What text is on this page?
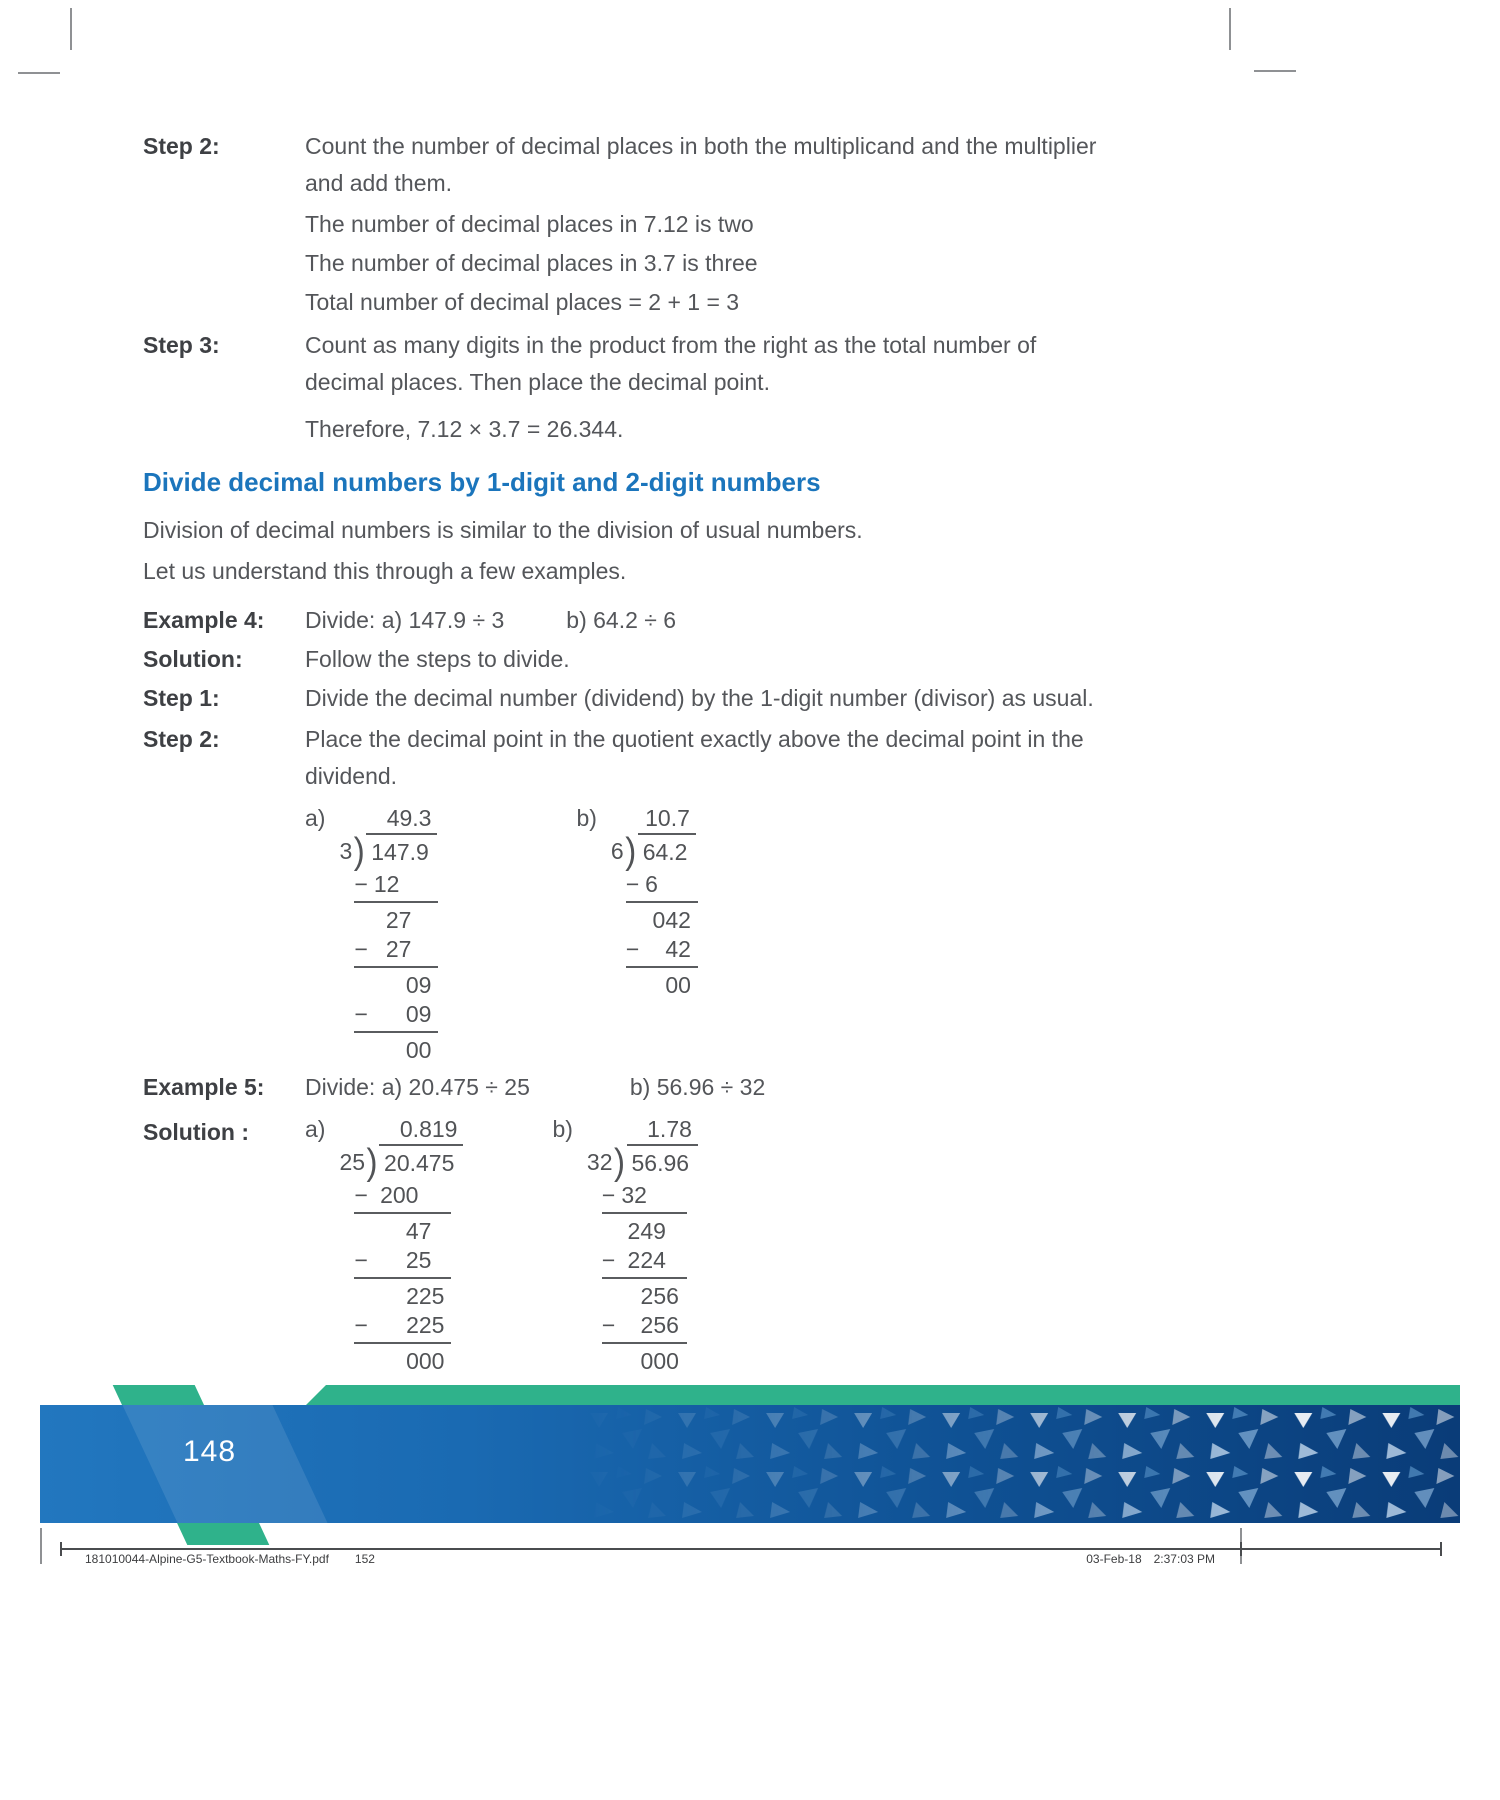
Step 2:	Count the number of decimal places in both the multiplicand and the multiplier and add them.
The number of decimal places in 7.12 is two
The number of decimal places in 3.7 is three
Total number of decimal places = 2 + 1 = 3
Step 3:	Count as many digits in the product from the right as the total number of decimal places. Then place the decimal point.
Therefore, 7.12 × 3.7 = 26.344.
Divide decimal numbers by 1-digit and 2-digit numbers
Division of decimal numbers is similar to the division of usual numbers.
Let us understand this through a few examples.
Example 4:	Divide: a) 147.9 ÷ 3	b) 64.2 ÷ 6
Solution:	Follow the steps to divide.
Step 1:	Divide the decimal number (dividend) by the 1-digit number (divisor) as usual.
Step 2:	Place the decimal point in the quotient exactly above the decimal point in the dividend.
a)	49.3
3 ) 147.9
− 12
27
− 27
09
− 09
00
b)	10.7
6 ) 64.2
− 6
042
− 42
00
Example 5:	Divide: a) 20.475 ÷ 25	b) 56.96 ÷ 32
Solution :	a)	0.819
25 ) 20.475
− 200
47
− 25
225
− 225
000
b)	1.78
32 ) 56.96
− 32
249
− 224
256
− 256
000
148
181010044-Alpine-G5-Textbook-Maths-FY.pdf 152	03-Feb-18 2:37:03 PM
